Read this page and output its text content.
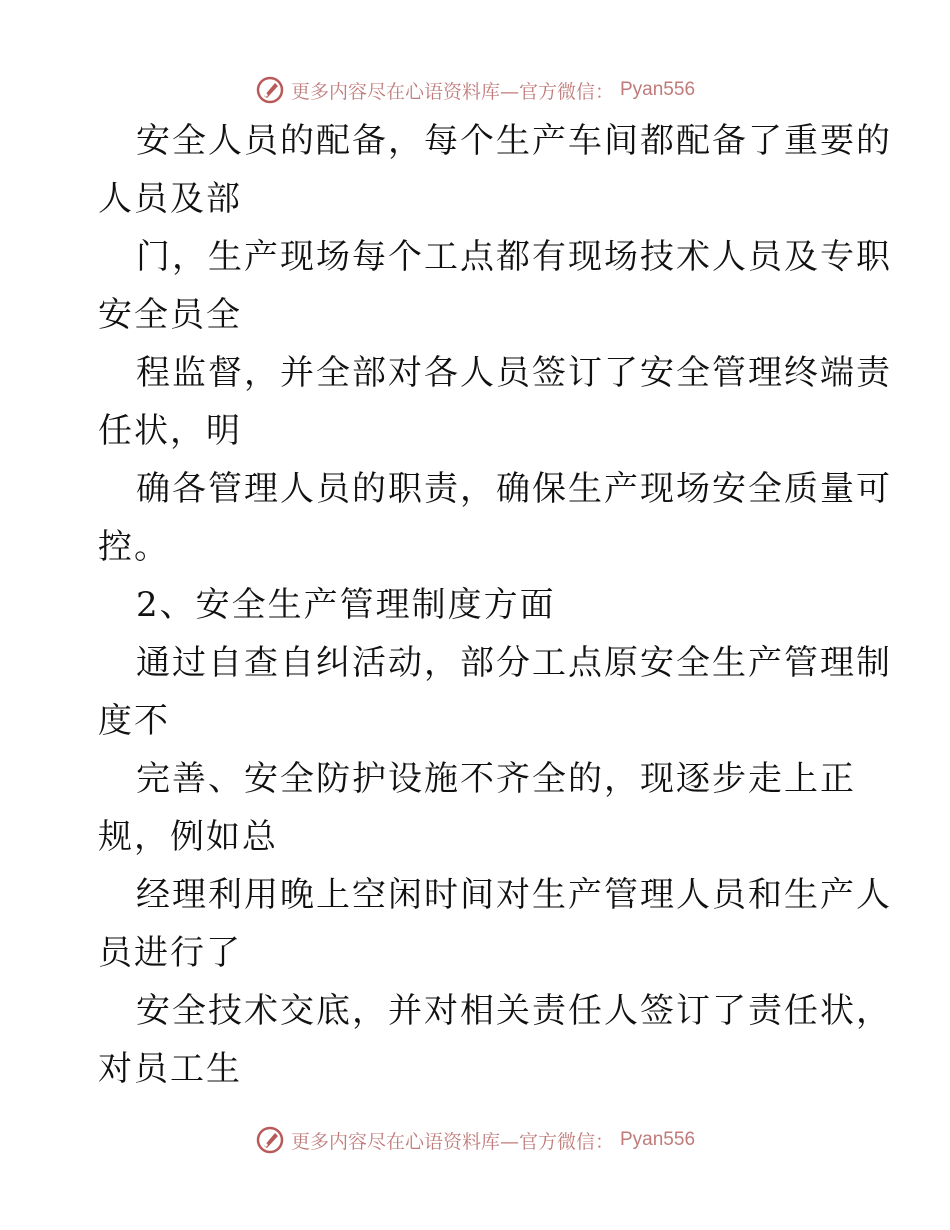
更多内容尽在心语资料库—官方微信： Pyan556
安全人员的配备，每个生产车间都配备了重要的
人员及部
门，生产现场每个工点都有现场技术人员及专职
安全员全
程监督，并全部对各人员签订了安全管理终端责
任状，明
确各管理人员的职责，确保生产现场安全质量可
控。
2、安全生产管理制度方面
通过自查自纠活动，部分工点原安全生产管理制
度不
完善、安全防护设施不齐全的，现逐步走上正
规，例如总
经理利用晚上空闲时间对生产管理人员和生产人
员进行了
安全技术交底，并对相关责任人签订了责任状，
对员工生
更多内容尽在心语资料库—官方微信： Pyan556
